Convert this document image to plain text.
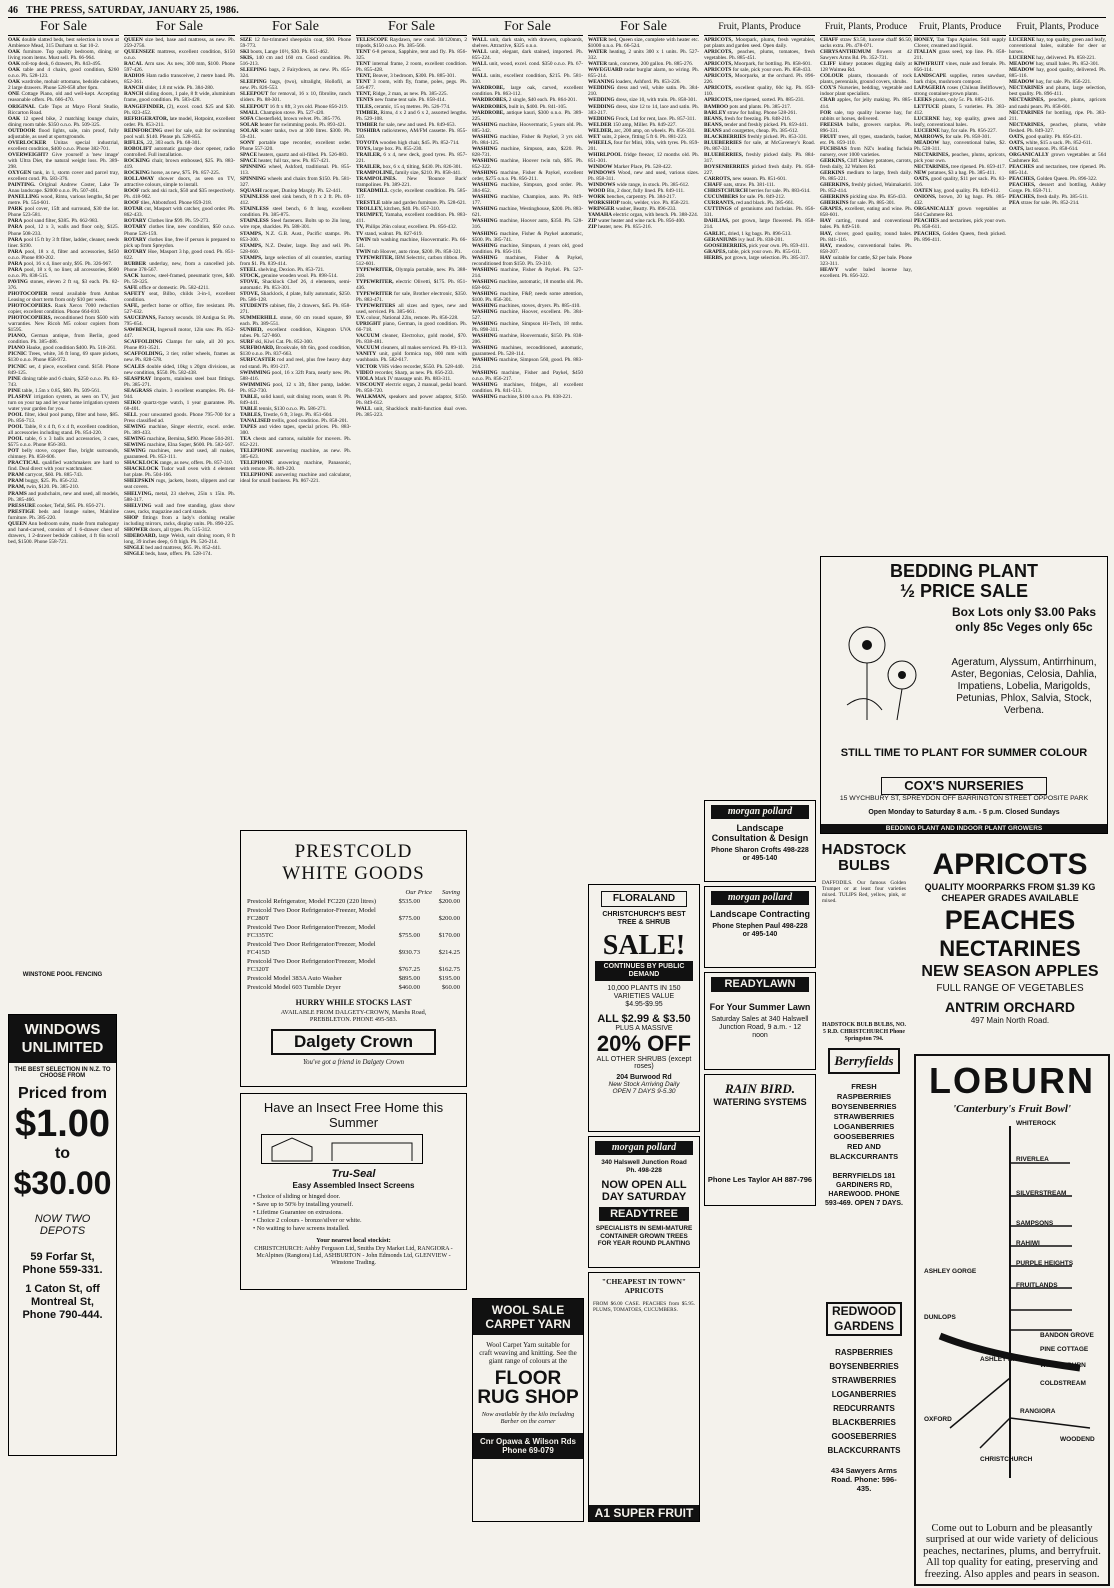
46 THE PRESS, SATURDAY, JANUARY 25, 1986.
For Sale
OAK double slatted beds, best selection in town at Ambience Mead, 315 Durham st. Sat 10-2.
OAK furniture. Top quality bedroom, dining or living room items. Must sell. Ph. 66-964.
OAK roll-top desk, 6 drawers, Ph. 843-495.
OAK table and 4 chairs, good condition, $260 o.n.o. Ph. 528-123.
OAK wardrobe, mohair ottomans, bedside cabinets, 2 large drawers. Phone 528-658 after 6pm.
ONE Cottage Piano, old and well-kept. Accepting reasonable offers. Ph. 666-470.
ORIGINAL Cafe Tops at Mayo Floral Studio, Riccarton Road.
OAK 12 speed bike, 2 matching lounge chairs, dining room table. $350 o.n.o. Ph. 509-325.
OUTDOOR flood lights, sale, rain proof, fully adjustable, as used at sportsgrounds.
OVERLOCKER Unitas special industrial, excellent condition, $400 o.n.o. Phone 382-701.
OVERWEIGHT? Give yourself a 'new image' with Ultra Diet, the natural weight loss. Ph. 389-298.
OXYGEN tank, in 1, storm cover and parcel tray, excellent cond. Ph. 583-376.
PAINTING. Original Andrew Coster, Lake Te Anau landscape. $2000 o.n.o. Ph. 507-461.
PANELLING wood, Rimu, various lengths, $4 per metre. Ph. 554-601.
PARK pool cover, 15ft and surround, $30 the lot. Phone 523-581.
PARA pool sand filter, $385. Ph. 662-983.
PARA pool, 12 x 3, walls and floor only, $125. Phone 508-233.
PARA pool 15 ft by 3 ft filter, ladder, cleaner, needs liner. $190.
PARA pool, 18 x 4, filter and accessories, $450 o.n.o. Phone 890-202.
PARA pool, 16 x 4, liner only, $95. Ph. 326-967.
PARA pool, 18 x 6, no liner, all accessories, $600 o.n.o. Ph. 838-515.
PAVING stones, eleven 2 ft sq, $3 each. Ph. 82-376.
PHOTOCOPIER rental available from Ambas Leasing or short term from only $10 per week.
PHOTOCOPIERS. Rank Xerox 7000 reduction copier, excellent condition. Phone 664-810.
PHOTOCOPIERS, reconditioned from $500 with warranties. New Ricoh M5 colour copiers from $1595.
PIANO, German antique, from Berlin, good condition. Ph. 385-486.
PIANO Hauke, good condition $400. Ph. 518-261.
PICNIC Trees, white, 36 ft long, 69 spare pickets, $130 o.n.o. Phone 858-972.
PICNIC set, 4 piece, excellent cond. $150. Phone 849-125.
PINE dining table and 6 chairs, $250 o.n.o. Ph. 83-743.
PINE table, 1.5m x 0.85, $80. Ph. 509-561.
PLASPAY irrigation system, as seen on TV, just turn on your tap and let your home irrigation system water your garden for you.
POOL filter, ideal pool pump, filter and hose, $85. Ph. 856-713.
POOL Table, 8 x 4 ft, 6 x 4 ft, excellent condition, all accessories including stand. Ph. 854-220.
POOL table, 6 x 3 balls and accessories, 3 cues, $575 o.n.o. Phone 856-383.
POT belly stove, copper flue, bright surrounds, chimney. Ph. 858-606.
PRACTICAL qualified watchmakers are hard to find. Deal direct with your watchmaker.
PRAM carrycot, $60. Ph. 885-743.
PRAM buggy, $25. Ph. 856-232.
PRAM, twin, $120. Ph. 385-210.
PRAMS and pushchairs, new and used, all models, Ph. 385-466.
PRESSURE cooker, Tefal, $65. Ph. 856-271.
PRESTIGE beds and lounge suites, Mainline furniture. Ph. 385-220.
QUEEN Ann bedroom suite, made from mahogany and hand-carved, consists of 1 6-drawer chest of drawers, 1 2-drawer bedside cabinet, 4 ft 6in scroll bed, $1500. Phone 558-721.
For Sale
QUEEN size bed, base and mattress, as new. Ph. 259-2756.
QUEENSIZE mattress, excellent condition, $150 o.n.o.
RACAL Arm saw. As new, 300 mm, $100. Phone 597-426.
RADIOS Ham radio transceiver, 2 metre band. Ph. 852-361.
RANCH slider, 1.8 mt wide. Ph. 384-280.
RANCH sliding doors, 1 pale, 8 ft wide, aluminium frame, good condition. Ph. 583-428.
RANGEFINDER, (2), excel. cond. $25 and $30. Ph. 823-452.
REFRIGERATOR, late model, Hotpoint, excellent order. Ph. 853-211.
REINFORCING steel for sale, suit for swimming pool wall. $140. Please ph. 528-855.
RIFLES, .22, 303 each. Ph. 68-301.
ROBOLIFT automatic garage door opener, radio controlled. Full installation.
ROCKING chair, brown embossed, $25. Ph. 883-419.
ROCKING horse, as new, $75. Ph. 857-225.
ROLLAWAY shower doors, as seen on TV, attractive colours, simple to install.
ROOF rack and ski rack, $50 and $35 respectively. Ph. 418-902.
ROOF tiles, Abbotsford. Phone 859-218.
ROTAR cut, Masport with catcher, good order. Ph. 862-433.
ROTARY Clothes line $99. Ph. 59-273.
ROTARY clothes line, new condition, $50 o.n.o. Phone 526-159.
ROTARY clothes line, free if person is prepared to pick up from Spreydon.
ROTARY Hoe, Masport 3 hp, good cond. Ph. 851-822.
RUBBER underlay, new, from a cancelled job. Phone 378-567.
SACK barrow, steel-framed, pneumatic tyres, $40. Ph. 59-325.
SAFE office or domestic. Ph. 582-4211.
SAFETY seat, Bilbo, childs 3-in-1, excellent condition.
SAFE, perfect home or office, fire resistant. Ph. 527-632.
SAUCEPANS, Factory seconds. 18 Antigua St. Ph. 795-654.
SAWBENCH, Ingersoll motor, 12in saw. Ph. 852-447.
SCAFFOLDING Clamps for sale, all 20 pcs. Phone 891-3521.
SCAFFOLDING, 3 tier, roller wheels, frames as new. Ph. 828-578.
SCALES double sided, 10kg x 20gm divisions, as new condition, $550. Ph. 582-438.
SEASPRAY Imports, stainless steel boat fittings. Ph. 385-271.
SEAGRASS chairs. 3 excellent examples. Ph. 64-944.
SEIKO quartz-type watch, 1 year guarantee. Ph. 68-401.
SELL your unwanted goods. Phone 795-700 for a Press classified ad.
SEWING machine, Singer electric, excel. order. Ph. 389-433.
SEWING machine, Bernina, $490. Phone 504-281.
SEWING machine, Elna Super, $600. Ph. 582-567.
SEWING machines, new and used, all makes, guaranteed. Ph. 853-111.
SHACKLOCK range, as new, offers. Ph. 857-310.
SHACKLOCK Tudor wall oven with 4 element hot plate. Ph. 504-166.
SHEEPSKIN rugs, jackets, boots, slippers and car seat covers.
SHELVING, metal, 23 shelves, 25in x 15in. Ph. 588-317.
SHELVING wall and free standing, glass show cases, racks, magazine and card stands.
SHOP fittings from a lady's clothing retailer including mirrors, racks, display units. Ph. 890-225.
SHOWER doors, all types. Ph. 515-312.
SIDEBOARD, large Welsh, suit dining room, 8 ft long, 39 inches deep, 6 ft high. Ph. 526-214.
SINGLE bed and mattress, $65. Ph. 852-441.
SINGLE beds, base, offers. Ph. 528-174.
For Sale
SIZE 12 fur-trimmed sheepskin coat, $90. Phone 59-773.
SKI boots, Lange 10½, $30. Ph. 851-462.
SKIS, 140 cm and 160 cm. Good condition. Ph. 516-213.
SLEEPING bags, 2 Fairydown, as new. Ph. 855-324.
SLEEPING bags, (two), ultralight, Hollofil, as new. Ph. 826-553.
SLEEPOUT for removal, 16 x 10, fibrolite, ranch sliders. Ph. 88-301.
SLEEPOUT 16 ft x 8ft, 3 yrs old. Phone 856-219.
SMALL Champion stove. Ph. 527-420.
SOFA Chesterfield, brown velvet. Ph. 385-776.
SOLAR heater for swimming pools. Ph. 893-421.
SOLAR water tanks, two at 300 litres. $300. Ph. 59-431.
SONY portable tape recorder, excellent order. Phone 557-320.
SPACE heaters, quartz and oil-filled. Ph. 526-883.
SPACE heater, full tax, new. Ph. 857-421.
SPINNING wheel, Ashford, traditional. Ph. 855-113.
SPINNING wheels and chairs from $150. Ph. 581-327.
SQUASH racquet, Dunlop Maxply. Ph. 52-441.
STAINLESS steel sink bench, 8 ft x 2 ft. Ph. 69-412.
STAINLESS steel bench, 6 ft long, excellent condition. Ph. 385-875.
STAINLESS Steel fasteners. Bolts up to 2in long, wire rope, shackles. Ph. 588-301.
STAMPS, N.Z. G.B. Aust., Pacific stamps. Ph. 853-300.
STAMPS, N.Z. Dealer, large. Buy and sell. Ph. 528-660.
STAMPS, large selection of all countries, starting from $1. Ph. 839-414.
STEEL shelving, Dexion. Ph. 853-721.
STOCK, genuine wooden wool. Ph. 898-514.
STOVE, Shacklock Chef 26, 4 elements, semi-automatic. Ph. 853-301.
STOVE, Shacklock, 4 plate, fully automatic, $250. Ph. 586-128.
STUDENTS cabinet, file, 2 drawers, $45. Ph. 858-271.
SUMMERHILL stone, 60 cm round square, $9 each. Ph. 389-551.
SUNBED, excellent condition, Kingston UVA tubes. Ph. 527-860.
SURF ski, Kiwi Cat. Ph. 852-300.
SURFBOARD, Brookvale, 6ft 6in, good condition, $130 o.n.o. Ph. 837-663.
SURFCASTER rod and reel, plus free heavy duty rod stand. Ph. 891-217.
SWIMMING pool, 16 x 32ft Para, nearly new. Ph. 588-416.
SWIMMING pool, 12 x 3ft, filter pump, ladder. Ph. 852-730.
TABLE, solid kauri, suit dining room, seats 8. Ph. 849-441.
TABLE tennis, $130 o.n.o. Ph. 586-271.
TABLES, Trestle, 6 ft, 3 legs. Ph. 851-604.
TANALISED trellis, good condition. Ph. 858-201.
TAPES and video tapes, special prices. Ph. 883-300.
TEA chests and cartons, suitable for movers. Ph. 852-221.
TELEPHONE answering machine, as new. Ph. 385-623.
TELEPHONE answering machine, Panasonic, with remote. Ph. 849-220.
TELEPHONE answering machine and calculator, ideal for small business. Ph. 867-221.
For Sale
TELESCOPE Raydawn, new cond. 30/120mm, 2 tripods, $150 o.n.o. Ph. 385-566.
TENT 6-8 person, Sapphire, tent and fly. Ph. 856-325.
TENT internal frame, 2 room, excellent condition. Ph. 855-428.
TENT, Beaver, 3 bedroom, $300. Ph. 885-301.
TENT 3 room, with fly, frame, poles, pegs. Ph. 516-877.
TENT, Ridge, 2 man, as new. Ph. 385-225.
TENTS new frame tent sale. Ph. 858-414.
TILES, ceramic, 15 sq metres. Ph. 526-774.
TIMBER, Rimu, 4 x 2 and 6 x 2, assorted lengths. Ph. 529-108.
TIMBER for sale, new and used. Ph. 849-653.
TOSHIBA radio/stereo, AM/FM cassette. Ph. 855-510.
TOYOTA wooden high chair, $45. Ph. 852-714.
TOYS, large box. Ph. 855-230.
TRAILER, 6 x 4, new deck, good tyres. Ph. 857-221.
TRAILER, box, 6 x 4, tilting, $430. Ph. 826-301.
TRAMPOLINE, family size, $210. Ph. 858-441.
TRAMPOLINES. New 'Bounce Back' trampolines. Ph. 389-221.
TREADMILL cycle, excellent condition. Ph. 585-117.
TRESTLE table and garden furniture. Ph. 528-621.
TROLLEY, kitchen, $40. Ph. 857-310.
TRUMPET, Yamaha, excellent condition. Ph. 883-411.
TV, Philips 26in colour, excellent. Ph. 856-432.
TV stand, walnut. Ph. 827-619.
TWIN tub washing machine, Hoovermatic. Ph. 66-541.
TWIN tub Hoover, auto rinse, $200. Ph. 858-321.
TYPEWRITER, IBM Selectric, carbon ribbon. Ph. 512-601.
TYPEWRITER, Olympia portable, new. Ph. 388-218.
TYPEWRITER, electric Olivetti, $175. Ph. 851-436.
TYPEWRITER for sale, Brother electronic, $350. Ph. 883-471.
TYPEWRITERS all sizes and types, new and used, serviced. Ph. 385-661.
T.V. colour, National 22in, remote. Ph. 856-228.
UPRIGHT piano, German, in good condition. Ph. 66-718.
VACUUM cleaner, Electrolux, gold model, $70. Ph. 838-481.
VACUUM cleaners, all makes serviced. Ph. 89-113.
VANITY unit, gold formica top, 800 mm with washbasin. Ph. 582-617.
VICTOR VHS video recorder, $550. Ph. 528-440.
VIDEO recorder, Sharp, as new. Ph. 856-233.
VIOLA Mark IV massage unit. Ph. 883-311.
VISCOUNT electric organ, 2 manual, pedal board. Ph. 858-720.
WALKMAN, speakers and power adaptor, $150. Ph. 849-612.
WALL unit, Shacklock multi-function dual oven. Ph. 385-223.
For Sale
WALL unit, dark stain, with drawers, cupboards, shelves. Attractive, $325 o.n.o.
WALL unit, elegant, dark stained, imported. Ph. 855-224.
WALL unit, wood, excel. cond. $350 o.n.o. Ph. 67-415.
WALL units, excellent condition, $215. Ph. 581-330.
WARDROBE, large oak, carved, excellent condition. Ph. 863-112.
WARDROBES, 2 single, $40 each. Ph. 864-201.
WARDROBES, built in, $400. Ph. 841-105.
WARDROBE, antique kauri, $300 o.n.o. Ph. 389-225.
WASHING machine, Hoovermatic, 5 years old. Ph. 885-342.
WASHING machine, Fisher & Paykel, 3 yrs old. Ph. 884-125.
WASHING machine, Simpson, auto, $220. Ph. 828-731.
WASHING machine, Hoover twin tub, $95. Ph. 852-322.
WASHING machine, Fisher & Paykel, excellent order, $275 o.n.o. Ph. 856-211.
WASHING machine, Simpson, good order. Ph. 384-652.
WASHING machine, Champion, auto. Ph. 849-177.
WASHING machine, Westinghouse, $200. Ph. 883-621.
WASHING machine, Hoover auto, $350. Ph. 528-316.
WASHING machine, Fisher & Paykel automatic, $500. Ph. 385-741.
WASHING machine, Simpson, 4 years old, good condition. Ph. 856-116.
WASHING machines, Fisher & Paykel, reconditioned from $150. Ph. 59-310.
WASHING machine, Fisher & Paykel. Ph. 527-214.
WASHING machine, automatic, 18 months old. Ph. 858-662.
WASHING machine, F&P, needs some attention, $100. Ph. 856-301.
WASHING machines, stoves, dryers. Ph. 885-410.
WASHING machine, Hoover, excellent. Ph. 384-527.
WASHING machine, Simpson Hi-Tech, 18 mths. Ph. 898-311.
WASHING machine, Hoovermatic, $150. Ph. 838-206.
WASHING machines, reconditioned, automatic, guaranteed. Ph. 528-114.
WASHING machine, Simpson 560, good. Ph. 883-214.
WASHING machine, Fisher and Paykel, $450 o.n.o. Ph. 856-217.
WASHING machines, fridges, all excellent condition. Ph. 841-513.
WASHING machine, $100 o.n.o. Ph. 838-221.
For Sale
WATER bed, Queen size, complete with heater etc. $1000 o.n.o. Ph. 66-524.
WATER heating, 2 units 300 x 1 units. Ph. 527-332.
WATER tank, concrete, 200 gallon. Ph. 885-276.
WAVEGUARD radar burglar alarm, no wiring. Ph. 855-214.
WEANING loaders, Ashford. Ph. 853-226.
WEDDING dress and veil, white satin. Ph. 384-210.
WEDDING dress, size 10, with train. Ph. 858-301.
WEDDING dress, size 12 to 14, lace and satin. Ph. 383-217.
WEDDING Frock, Ltd for rent, lace. Ph. 857-311.
WELDER 150 amp, Miller. Ph. 849-227.
WELDER, arc, 200 amp, on wheels. Ph. 856-331.
WET suits, 2 piece, fitting 5 ft 6. Ph. 881-223.
WHEELS, four for Mini, 10in, with tyres. Ph. 859-201.
WHIRLPOOL fridge freezer, 12 months old. Ph. 851-301.
WINDOW Marker Place, Ph. 528-422.
WINDOWS Wood, new and used, various sizes. Ph. 858-311.
WINDOWS wide range, in stock. Ph. 385-612.
WOOD Bin, 2 door, fully lined. Ph. 849-111.
WORK benches, carpentry. Ph. 384-217.
WORKSHOP tools, welder, vice. Ph. 858-221.
WRINGER washer, Beatty. Ph. 896-233.
YAMAHA electric organ, with bench. Ph. 388-224.
ZIP water heater and wine rack. Ph. 856-400.
ZIP heater, new. Ph. 855-216.
Fruit, Plants, Produce
APRICOTS, Moorpark, plums, fresh vegetables, pot plants and garden seed. Open daily.
APRICOTS, peaches, plums, tomatoes, fresh vegetables. Ph. 885-451.
APRICOTS, Moorpark, for bottling. Ph. 858-601.
APRICOTS for sale, pick your own. Ph. 858-433.
APRICOTS, Moorparks, at the orchard. Ph. 896-226.
APRICOTS, excellent quality, 60c kg. Ph. 859-110.
APRICOTS, tree ripened, sorted. Ph. 885-231.
BAMBOO pots and plants. Ph. 385-217.
BARLEY straw for baling. Phone 528-261.
BEANS, fresh for freezing. Ph. 848-216.
BEANS, tender and freshly picked. Ph. 859-441.
BEANS and courgettes, cheap. Ph. 385-612.
BLACKBERRIES freshly picked. Ph. 853-331.
BLUEBERRIES for sale, at McGaveney's Road. Ph. 867-331.
BLUEBERRIES, freshly picked daily. Ph. 884-317.
BOYSENBERRIES picked fresh daily. Ph. 858-227.
CARROTS, new season. Ph. 851-601.
CHAFF oats, straw. Ph. 381-111.
CHRISTCHURCH berries for sale. Ph. 883-614.
CUCUMBERS for sale. Ph. 849-212.
CURRANTS, red and black. Ph. 385-661.
CUTTINGS of geraniums and fuchsias. Ph. 856-331.
DAHLIAS, pot grown, large flowered. Ph. 858-214.
GARLIC, dried, 1 kg bags. Ph. 896-513.
GERANIUMS ivy leaf. Ph. 838-201.
GOOSEBERRIES, pick your own. Ph. 859-411.
GRAPES, table, pick your own. Ph. 855-611.
HERBS, pot grown, large selection. Ph. 385-317.
Fruit, Plants, Produce
CHAFF straw $3.50, lucerne chaff $6.50, sacks extra. Ph. 478-071.
CHRYSANTHEMUM flowers at 42 Sawyers Arms Rd. Ph. 352-731.
CLIFF kidney potatoes digging daily at 128 Waimea Rd.
COLOUR plants, thousands of rock plants, perennials, ground covers, shrubs.
COX'S Nurseries, bedding, vegetable and indoor plant specialists.
CRAB apples, for jelly making. Ph. 885-414.
FOR sale, top quality lucerne hay, for rabbits or horses, delivered.
FREESIA bulbs, growers surplus. Ph. 896-331.
FRUIT trees, all types, standards, basket, etc. Ph. 859-110.
FUCHSIAS from NZ's leading fuchsia nursery, over 1000 varieties.
GERKINS, Cliff Kidney potatoes, carrots, fresh daily, 32 Walters Rd.
GERKINS medium to large, fresh daily. Ph. 885-221.
GHERKINS, freshly picked, Waimakariri. Ph. 852-414.
GHERKINS pickling size. Ph. 856-433.
GHERKINS for sale. Ph. 885-301.
GRAPES, excellent, eating and wine. Ph. 858-601.
HAY carting, round and conventional bales. Ph. 849-510.
HAY, clover, good quality, round bales. Ph. 841-116.
HAY, meadow, conventional bales. Ph. 858-207.
HAY suitable for cattle, $2 per bale. Phone 323-311.
HEAVY wafer baled lucerne hay, excellent. Ph. 856-322.
Fruit, Plants, Produce
HONEY, Tan Tapu Apiaries. Still supply Clover, creamed and liquid.
ITALIAN grass seed, top line. Ph. 858-211.
KIWIFRUIT vines, male and female. Ph. 856-114.
LANDSCAPE supplies, rotten sawdust, bark chips, mushroom compost.
LAPAGERIA roses (Chilean Bellflower), strong container-grown plants.
LEEKS plants, only 5c. Ph. 885-216.
LETTUCE plants, 5 varieties. Ph. 383-412.
LUCERNE hay, top quality, green and leafy, conventional bales.
LUCERNE hay, for sale. Ph. 856-227.
MARROWS, for sale. Ph. 858-301.
MEADOW hay, conventional bales, $2. Ph. 528-311.
NECTARINES, peaches, plums, apricots, pick your own.
NECTARINES, tree ripened. Ph. 859-417.
NEW potatoes, $3 a bag. Ph. 385-411.
OATS, good quality, $11 per sack. Ph. 83-316.
OATEN hay, good quality. Ph. 849-612.
ONIONS, brown, 20 kg bags. Ph. 885-432.
ORGANICALLY grown vegetables at 564 Cashmere Rd.
PEACHES and nectarines, pick your own. Ph. 858-611.
PEACHES, Golden Queen, fresh picked. Ph. 896-411.
Fruit, Plants, Produce
LUCERNE hay, top quality, green and leafy, conventional bales, suitable for deer or horses.
LUCERNE hay, delivered. Ph. 858-221.
MEADOW hay, small bales. Ph. 852-301.
MEADOW hay, good quality, delivered. Ph. 885-116.
MEADOW hay, for sale. Ph. 856-221.
NECTARINES and plums, large selection, best quality. Ph. 896-411.
NECTARINES, peaches, plums, apricots and nashi pears. Ph. 858-601.
NECTARINES for bottling, ripe. Ph. 383-211.
NECTARINES, peaches, plums, white fleshed. Ph. 849-327.
OATS, good quality. Ph. 856-431.
OATS, white, $15 a sack. Ph. 852-611.
OATS, last season. Ph. 858-614.
ORGANICALLY grown vegetables at 564 Cashmere Rd.
PEACHES and nectarines, tree ripened. Ph. 885-314.
PEACHES, Golden Queen. Ph. 896-322.
PEACHES, dessert and bottling, Ashley Gorge. Ph. 858-711.
PEACHES, fresh daily. Ph. 385-511.
PEA straw for sale. Ph. 852-214.
WINSTONE POOL FENCING
WINDOWS UNLIMITED
THE BEST SELECTION IN N.Z. TO CHOOSE FROM
Priced from
$1.00
to
$30.00
NOW TWO DEPOTS
59 Forfar St, Phone 559-331.
1 Caton St, off Montreal St, Phone 790-444.
PRESTCOLD
WHITE GOODS
Our Price Saving
Prestcold Refrigerator, Model FC220 (220 litres)	$535.00	$200.00
Prestcold Two Door Refrigerator-Freezer, Model FC280T	$775.00	$200.00
Prestcold Two Door Refrigerator/Freezer, Model FC335TC	$755.00	$170.00
Prestcold Two Door Refrigerator/Freezer, Model FC415D	$930.73	$214.25
Prestcold Two Door Refrigerator/Freezer, Model FC320T	$767.25	$162.75
Prestcold Model 383A Auto Washer	$895.00	$195.00
Prestcold Model 603 Tumble Dryer	$460.00	$60.00
HURRY WHILE STOCKS LAST
AVAILABLE FROM DALGETY-CROWN, Marshs Road, PREBBLETON. PHONE 495-583.
Dalgety Crown
You've got a friend in Dalgety Crown
Have an Insect Free Home this Summer
Tru-Seal
Easy Assembled Insect Screens
• Choice of sliding or hinged door.
• Save up to 50% by installing yourself.
• Lifetime Guarantee on extrusions.
• Choice 2 colours - bronze/silver or white.
• No waiting to have screens installed.
Your nearest local stockist:
CHRISTCHURCH: Ashby Ferguson Ltd, Smiths Dry Market Ltd, RANGIORA - McAlpines (Rangiora) Ltd, ASHBURTON - John Edmonds Ltd, GLENVIEW - Winstone Trading.
WOOL SALE CARPET YARN
Wool Carpet Yarn suitable for craft weaving and knitting. See the giant range of colours at the
FLOOR RUG SHOP
Now available by the kilo including Barber on the corner
Cnr Opawa & Wilson Rds Phone 69-079
FLORALAND
CHRISTCHURCH'S BEST TREE & SHRUB
SALE!
CONTINUES BY PUBLIC DEMAND
10,000 PLANTS IN 150 VARIETIES VALUE $4.95-$9.95
ALL $2.99 & $3.50
PLUS A MASSIVE
20% OFF
ALL OTHER SHRUBS (except roses)
204 Burwood Rd
New Stock Arriving Daily OPEN 7 DAYS 9-5.30
morgan pollard
340 Halswell Junction Road Ph. 498-228
NOW OPEN ALL DAY SATURDAY
READYTREE
SPECIALISTS IN SEMI-MATURE CONTAINER GROWN TREES FOR YEAR ROUND PLANTING
"CHEAPEST IN TOWN" APRICOTS
FROM $6.00 CASE. PEACHES from $5.95. PLUMS, TOMATOES, CUCUMBERS.
A1 SUPER FRUIT
morgan pollard
Landscape Consultation & Design
Phone Sharon Crofts 498-228 or 495-140
morgan pollard
Landscape Contracting
Phone Stephen Paul 498-228 or 495-140
READYLAWN
For Your Summer Lawn
Saturday Sales at 340 Halswell Junction Road, 9 a.m. - 12 noon
RAIN BIRD.
WATERING SYSTEMS
Phone Les Taylor AH 887-796
BEDDING PLANT
½ PRICE SALE
Box Lots only $3.00 Paks only 85c Veges only 65c
Ageratum, Alyssum, Antirrhinum, Aster, Begonias, Celosia, Dahlia, Impatiens, Lobelia, Marigolds, Petunias, Phlox, Salvia, Stock, Verbena.
STILL TIME TO PLANT FOR SUMMER COLOUR
COX'S NURSERIES
15 WYCHBURY ST, SPREYDON OFF BARRINGTON STREET OPPOSITE PARK
Open Monday to Saturday 8 a.m. - 5 p.m. Closed Sundays
BEDDING PLANT AND INDOOR PLANT GROWERS
HADSTOCK BULBS
DAFFODILS. Our famous Golden Trumpet or at least four varieties mixed. TULIPS Red, yellow, pink, or mixed.
HADSTOCK BULB BULBS, NO. 5 R.D. CHRISTCHURCH Phone Springston 794.
APRICOTS
QUALITY MOORPARKS FROM $1.39 KG CHEAPER GRADES AVAILABLE
PEACHES
NECTARINES
NEW SEASON APPLES
FULL RANGE OF VEGETABLES
ANTRIM ORCHARD
497 Main North Road.
Berryfields
FRESH
RASPBERRIES
BOYSENBERRIES
STRAWBERRIES
LOGANBERRIES
GOOSEBERRIES
RED AND BLACKCURRANTS
BERRYFIELDS 181 GARDINERS RD, HAREWOOD. PHONE 593-469. OPEN 7 DAYS.
LOBURN
'Canterbury's Fruit Bowl'
WHITEROCK
RIVERLEA
SILVERSTREAM
SAMPSONS
RAHIWI
PURPLE HEIGHTS
FRUITLANDS
DUNLOPS
ASHLEY GORGE
BANDON GROVE
PINE COTTAGE
WILLOWBURN
ASHLEY RIVER
COLDSTREAM
RANGIORA
OXFORD
WOODEND
CHRISTCHURCH
Come out to Loburn and be pleasantly surprised at our wide variety of delicious peaches, nectarines, plums, and berryfruit. All top quality for eating, preserving and freezing. Also apples and pears in season.
REDWOOD GARDENS
RASPBERRIES
BOYSENBERRIES
STRAWBERRIES
LOGANBERRIES
REDCURRANTS
BLACKBERRIES
GOOSEBERRIES
BLACKCURRANTS
434 Sawyers Arms Road. Phone: 596-435.
